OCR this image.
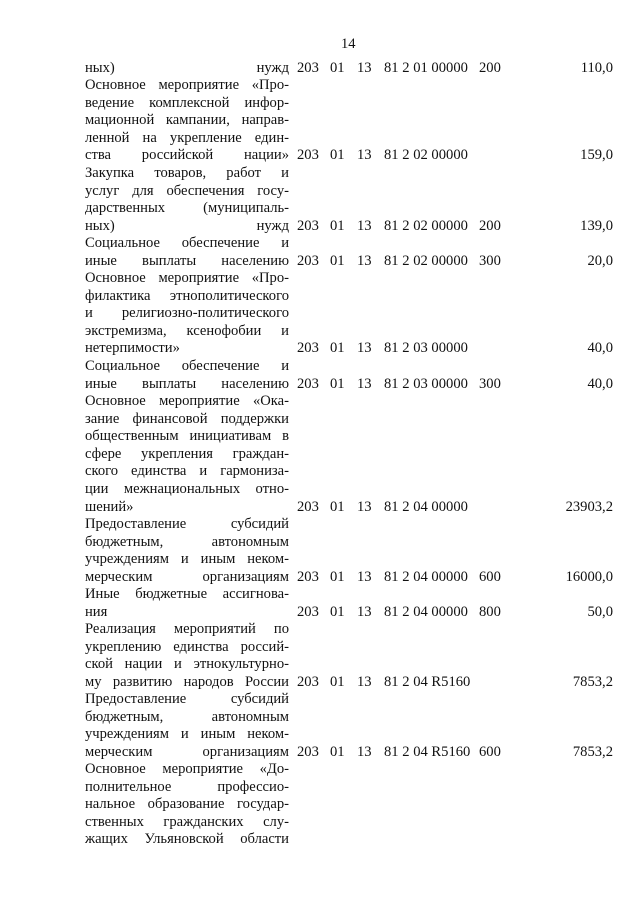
14
ных) нужд 203 01 13 81 2 01 00000 200	110,0
Основное мероприятие «Про-
ведение комплексной инфор-
мационной кампании, направ-
ленной на укрепление един-
ства российской нации» 203 01 13 81 2 02 00000	159,0
Закупка товаров, работ и
услуг для обеспечения госу-
дарственных (муниципаль-
ных) нужд 203 01 13 81 2 02 00000 200	139,0
Социальное обеспечение и
иные выплаты населению 203 01 13 81 2 02 00000 300	20,0
Основное мероприятие «Про-
филактика этнополитического
и религиозно-политического
экстремизма, ксенофобии и
нетерпимости»	203 01 13 81 2 03 00000	40,0
Социальное обеспечение и
иные выплаты населению 203 01 13 81 2 03 00000 300	40,0
Основное мероприятие «Ока-
зание финансовой поддержки
общественным инициативам в
сфере укрепления граждан-
ского единства и гармониза-
ции межнациональных отно-
шений»	203 01 13 81 2 04 00000	23903,2
Предоставление субсидий
бюджетным, автономным
учреждениям и иным неком-
мерческим организациям 203 01 13 81 2 04 00000 600	16000,0
Иные бюджетные ассигнова-
ния	203 01 13 81 2 04 00000 800	50,0
Реализация мероприятий по
укреплению единства россий-
ской нации и этнокультурно-
му развитию народов России 203 01 13 81 2 04 R5160	7853,2
Предоставление субсидий
бюджетным, автономным
учреждениям и иным неком-
мерческим организациям 203 01 13 81 2 04 R5160 600	7853,2
Основное мероприятие «До-
полнительное профессио-
нальное образование государ-
ственных гражданских слу-
жащих Ульяновской области
